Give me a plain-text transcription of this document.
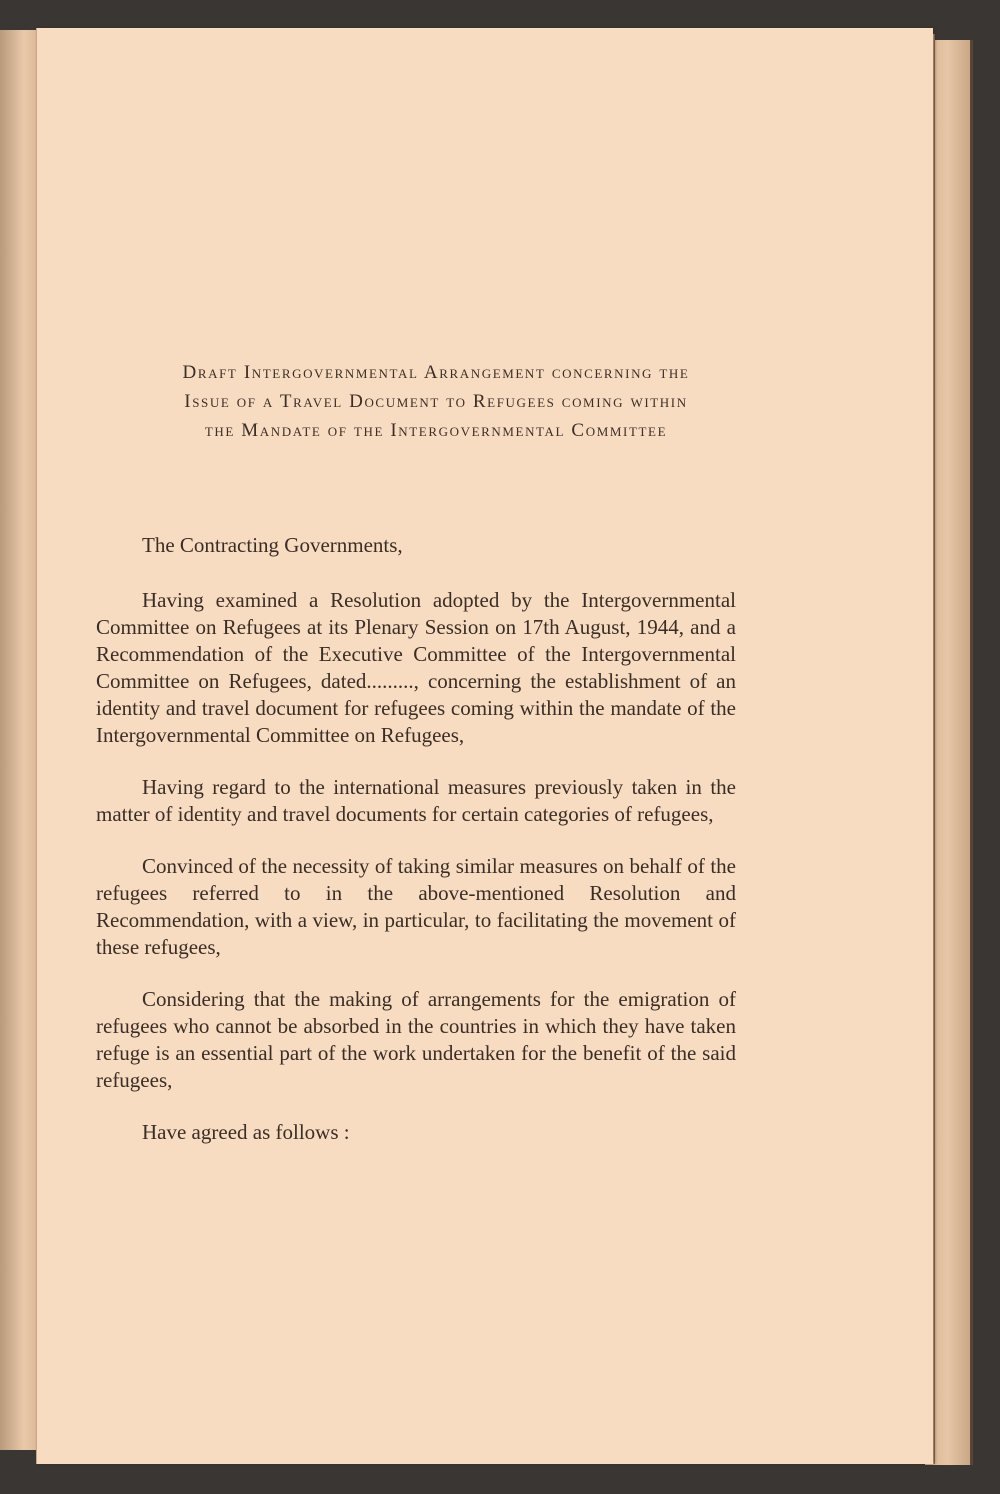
Draft Intergovernmental Arrangement concerning the
Issue of a Travel Document to Refugees coming within
the Mandate of the Intergovernmental Committee

The Contracting Governments,

Having examined a Resolution adopted by the Intergovernmental Committee on Refugees at its Plenary Session on 17th August, 1944, and a Recommendation of the Executive Committee of the Intergovernmental Committee on Refugees, dated........., concerning the establishment of an identity and travel document for refugees coming within the mandate of the Intergovernmental Committee on Refugees,

Having regard to the international measures previously taken in the matter of identity and travel documents for certain categories of refugees,

Convinced of the necessity of taking similar measures on behalf of the refugees referred to in the above-mentioned Resolution and Recommendation, with a view, in particular, to facilitating the movement of these refugees,

Considering that the making of arrangements for the emigration of refugees who cannot be absorbed in the countries in which they have taken refuge is an essential part of the work undertaken for the benefit of the said refugees,

Have agreed as follows :
